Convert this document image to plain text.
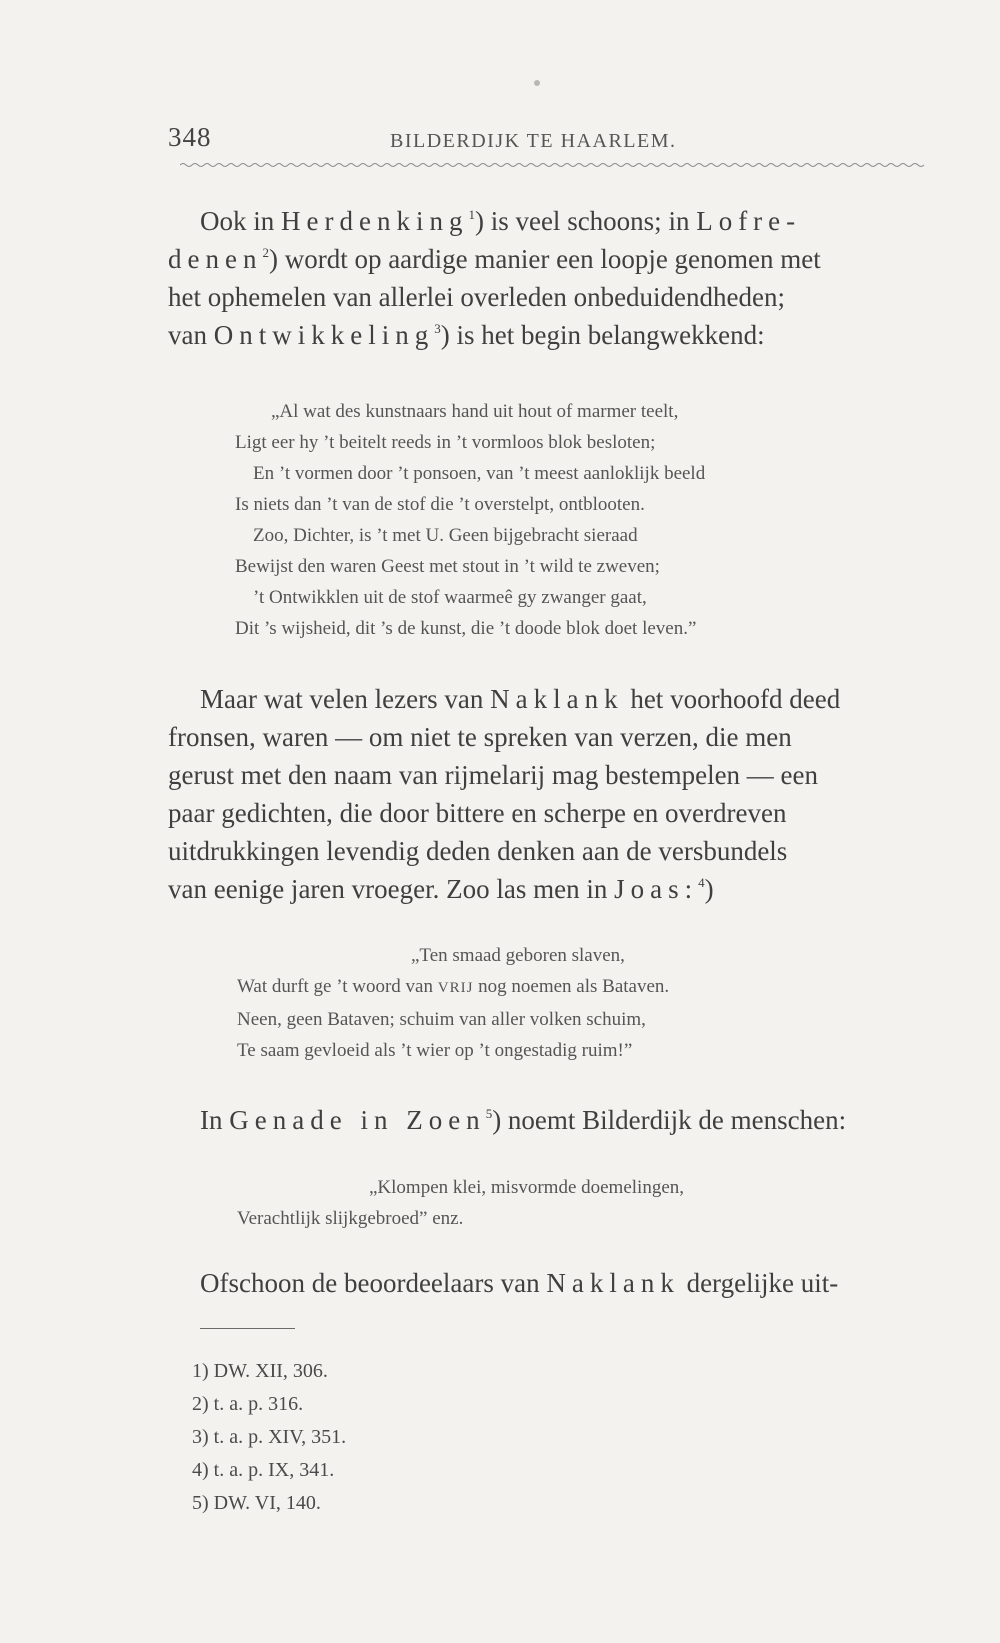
348	BILDERDIJK TE HAARLEM.

Ook in Herdenking$^1$) is veel schoons; in Lofre-

denen$^2$) wordt op aardige manier een loopje genomen met

het ophemelen van allerlei overleden onbeduidendheden;

van Ontwikkeling$^3$) is het begin belangwekkend:

„Al wat des kunstnaars hand uit hout of marmer teelt,
Ligt eer hy ’t beitelt reeds in ’t vormloos blok besloten;
En ’t vormen door ’t ponsoen, van ’t meest aanloklijk beeld
Is niets dan ’t van de stof die ’t overstelpt, ontblooten.
Zoo, Dichter, is ’t met U. Geen bijgebracht sieraad
Bewijst den waren Geest met stout in ’t wild te zweven;
’t Ontwikklen uit de stof waarmeê gy zwanger gaat,
Dit ’s wijsheid, dit ’s de kunst, die ’t doode blok doet leven.”

Maar wat velen lezers van Naklank het voorhoofd deed

fronsen, waren — om niet te spreken van verzen, die men

gerust met den naam van rijmelarij mag bestempelen — een

paar gedichten, die door bittere en scherpe en overdreven

uitdrukkingen levendig deden denken aan de versbundels

van eenige jaren vroeger. Zoo las men in Joas:$^4$)

„Ten smaad geboren slaven,
Wat durft ge ’t woord van VRIJ nog noemen als Bataven.
Neen, geen Bataven; schuim van aller volken schuim,
Te saam gevloeid als ’t wier op ’t ongestadig ruim!”

In Genade in Zoen$^5$) noemt Bilderdijk de menschen:

„Klompen klei, misvormde doemelingen,
Verachtlijk slijkgebroed” enz.

Ofschoon de beoordeelaars van Naklank dergelijke uit-

1) DW. XII, 306.
2) t. a. p. 316.
3) t. a. p. XIV, 351.
4) t. a. p. IX, 341.
5) DW. VI, 140.
